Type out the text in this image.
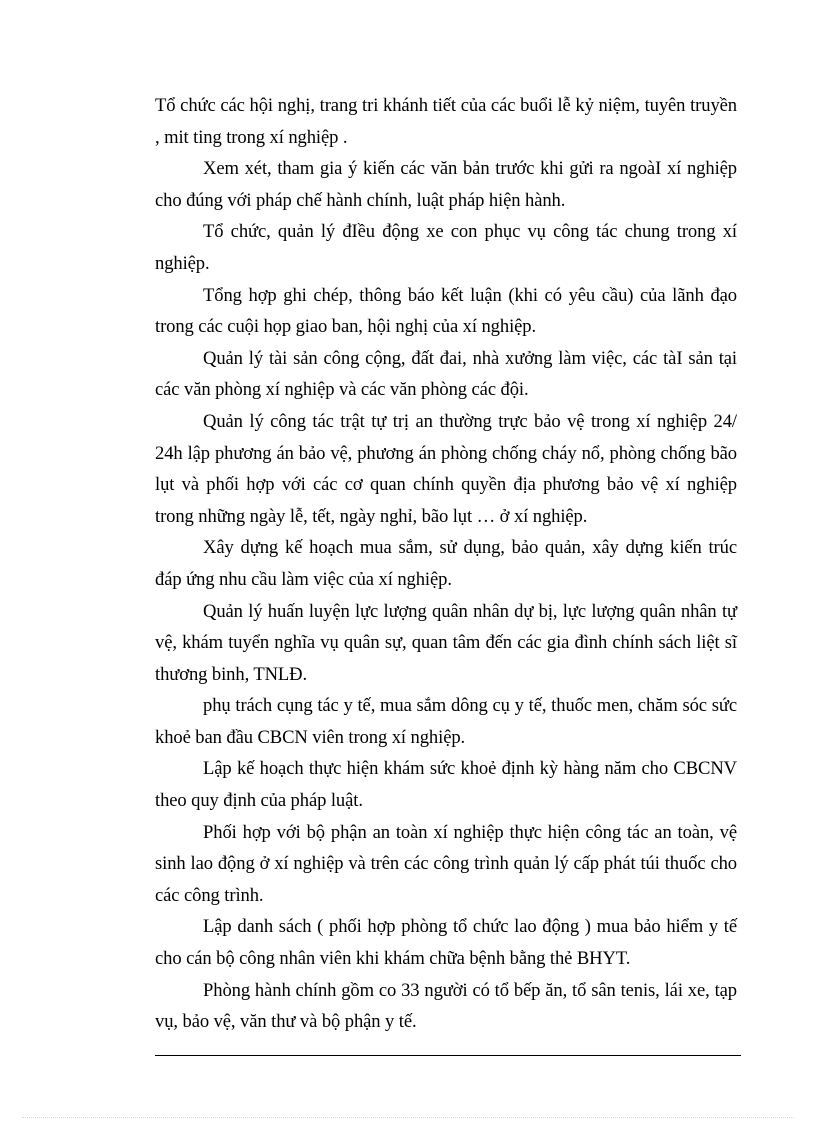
Tổ chức các hội nghị, trang tri khánh tiết của các buổi lễ kỷ niệm, tuyên truyền , mit ting trong xí nghiệp .

Xem xét, tham gia ý kiến các văn bản trước khi gửi ra ngoàI xí nghiệp cho đúng với pháp chế hành chính, luật pháp hiện hành.

Tổ chức, quản lý đIều động xe con phục vụ công tác chung trong xí nghiệp.

Tổng hợp ghi chép, thông báo kết luận (khi có yêu cầu) của lãnh đạo trong các cuội họp giao ban, hội nghị của xí nghiệp.

Quản lý tài sản công cộng, đất đai, nhà xưởng làm việc, các tàI sản tại các văn phòng xí nghiệp và các văn phòng các đội.

Quản lý công tác trật tự trị an thường trực bảo vệ trong xí nghiệp 24/ 24h lập phương án bảo vệ, phương án phòng chống cháy nổ, phòng chống bão lụt và phối hợp với các cơ quan chính quyền địa phương bảo vệ xí nghiệp trong những ngày lễ, tết, ngày nghỉ, bão lụt … ở xí nghiệp.

Xây dựng kế hoạch mua sắm, sử dụng, bảo quản, xây dựng kiến trúc đáp ứng nhu cầu làm việc của xí nghiệp.

Quản lý huấn luyện lực lượng quân nhân dự bị, lực lượng quân nhân tự vệ, khám tuyển nghĩa vụ quân sự, quan tâm đến các gia đình chính sách liệt sĩ thương binh, TNLĐ.

phụ trách cụng tác y tế, mua sắm dông cụ y tế, thuốc men, chăm sóc sức khoẻ ban đầu CBCN viên trong xí nghiệp.

Lập kế hoạch thực hiện khám sức khoẻ định kỳ hàng năm cho CBCNV theo quy định của pháp luật.

Phối hợp với bộ phận an toàn xí nghiệp thực hiện công tác an toàn, vệ sinh lao động ở xí nghiệp và trên các công trình quản lý cấp phát túi thuốc cho các công trình.

Lập danh sách ( phối hợp phòng tổ chức lao động ) mua bảo hiểm y tế cho cán bộ công nhân viên khi khám chữa bệnh bằng thẻ BHYT.

Phòng hành chính gồm co 33 người có tổ bếp ăn, tổ sân tenis, lái xe, tạp vụ, bảo vệ, văn thư và bộ phận y tế.
